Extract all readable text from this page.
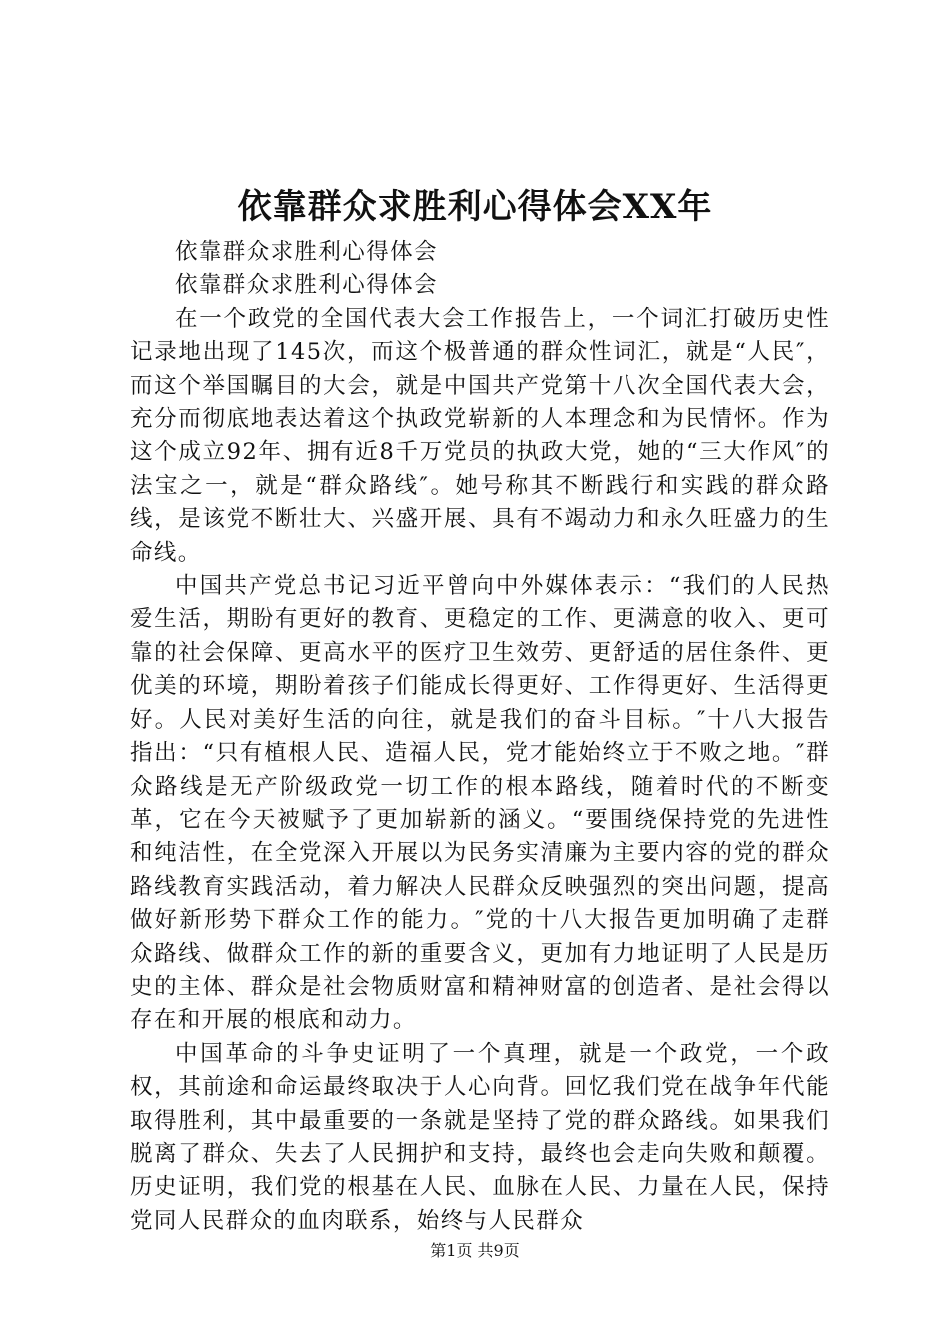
依靠群众求胜利心得体会XX年

依靠群众求胜利心得体会

依靠群众求胜利心得体会

在一个政党的全国代表大会工作报告上，一个词汇打破历史性记录地出现了145次，而这个极普通的群众性词汇，就是“人民″，而这个举国瞩目的大会，就是中国共产党第十八次全国代表大会，充分而彻底地表达着这个执政党崭新的人本理念和为民情怀。作为这个成立92年、拥有近8千万党员的执政大党，她的“三大作风″的法宝之一，就是“群众路线″。她号称其不断践行和实践的群众路线，是该党不断壮大、兴盛开展、具有不竭动力和永久旺盛力的生命线。

中国共产党总书记习近平曾向中外媒体表示：“我们的人民热爱生活，期盼有更好的教育、更稳定的工作、更满意的收入、更可靠的社会保障、更高水平的医疗卫生效劳、更舒适的居住条件、更优美的环境，期盼着孩子们能成长得更好、工作得更好、生活得更好。人民对美好生活的向往，就是我们的奋斗目标。″十八大报告指出：“只有植根人民、造福人民，党才能始终立于不败之地。″群众路线是无产阶级政党一切工作的根本路线，随着时代的不断变革，它在今天被赋予了更加崭新的涵义。“要围绕保持党的先进性和纯洁性，在全党深入开展以为民务实清廉为主要内容的党的群众路线教育实践活动，着力解决人民群众反映强烈的突出问题，提高做好新形势下群众工作的能力。″党的十八大报告更加明确了走群众路线、做群众工作的新的重要含义，更加有力地证明了人民是历史的主体、群众是社会物质财富和精神财富的创造者、是社会得以存在和开展的根底和动力。

中国革命的斗争史证明了一个真理，就是一个政党，一个政权，其前途和命运最终取决于人心向背。回忆我们党在战争年代能取得胜利，其中最重要的一条就是坚持了党的群众路线。如果我们脱离了群众、失去了人民拥护和支持，最终也会走向失败和颠覆。历史证明，我们党的根基在人民、血脉在人民、力量在人民，保持党同人民群众的血肉联系，始终与人民群众

第1页 共9页
